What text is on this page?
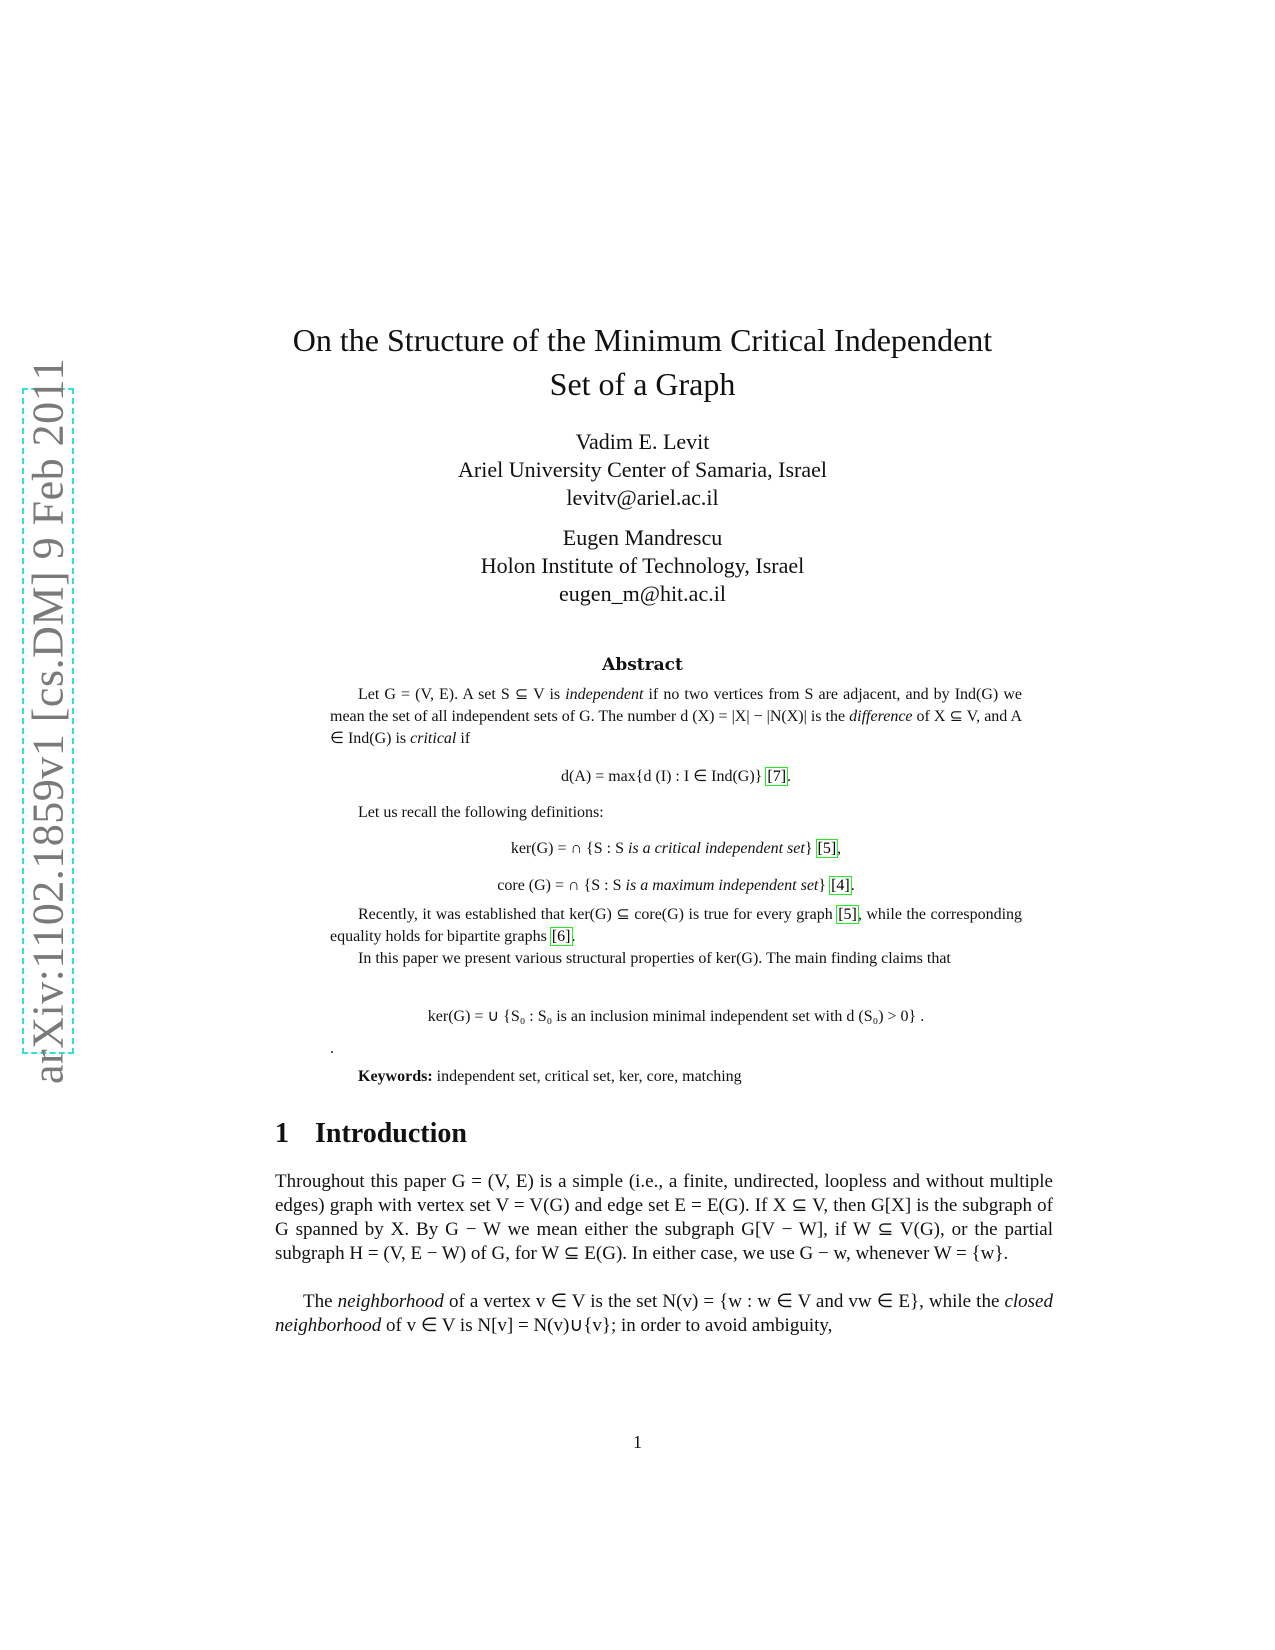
arXiv:1102.1859v1 [cs.DM] 9 Feb 2011
On the Structure of the Minimum Critical Independent
Set of a Graph
Vadim E. Levit
Ariel University Center of Samaria, Israel
levitv@ariel.ac.il
Eugen Mandrescu
Holon Institute of Technology, Israel
eugen_m@hit.ac.il
Abstract
Let G = (V, E). A set S ⊆ V is independent if no two vertices from S are adjacent, and by Ind(G) we mean the set of all independent sets of G. The number d (X) = |X| − |N(X)| is the difference of X ⊆ V, and A ∈ Ind(G) is critical if
d(A) = max{d (I) : I ∈ Ind(G)} [7].
Let us recall the following definitions:
ker(G) = ∩ {S : S is a critical independent set} [5],
core (G) = ∩ {S : S is a maximum independent set} [4].
Recently, it was established that ker(G) ⊆ core(G) is true for every graph [5], while the corresponding equality holds for bipartite graphs [6].
In this paper we present various structural properties of ker(G). The main finding claims that
ker(G) = ∪ {S₀ : S₀ is an inclusion minimal independent set with d (S₀) > 0} .
.
Keywords: independent set, critical set, ker, core, matching
1 Introduction
Throughout this paper G = (V, E) is a simple (i.e., a finite, undirected, loopless and without multiple edges) graph with vertex set V = V(G) and edge set E = E(G). If X ⊆ V, then G[X] is the subgraph of G spanned by X. By G − W we mean either the subgraph G[V − W], if W ⊆ V(G), or the partial subgraph H = (V, E − W) of G, for W ⊆ E(G). In either case, we use G − w, whenever W = {w}.
The neighborhood of a vertex v ∈ V is the set N(v) = {w : w ∈ V and vw ∈ E}, while the closed neighborhood of v ∈ V is N[v] = N(v)∪{v}; in order to avoid ambiguity,
1
